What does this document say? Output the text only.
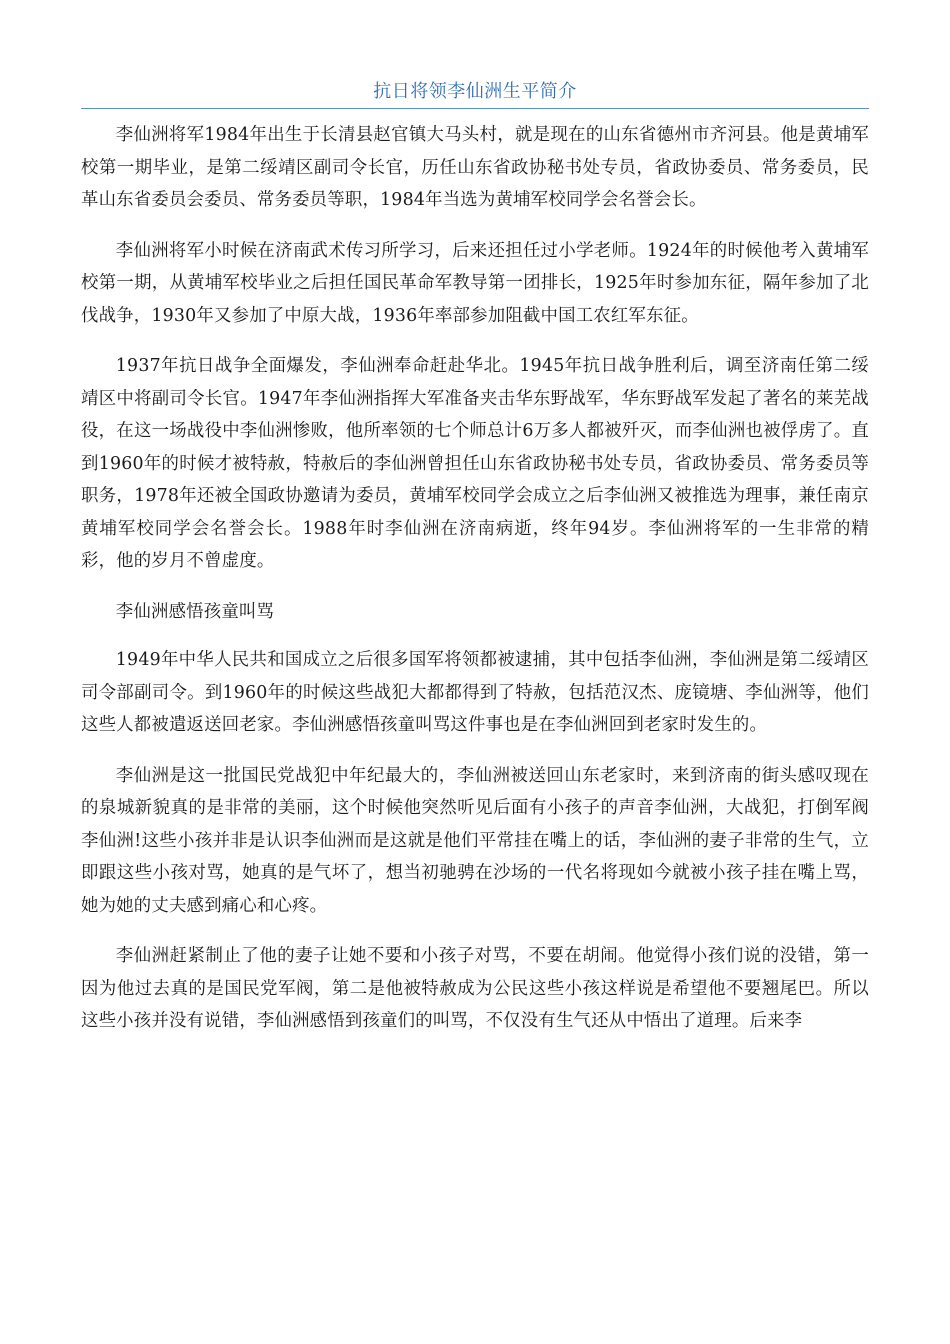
抗日将领李仙洲生平简介

李仙洲将军1984年出生于长清县赵官镇大马头村，就是现在的山东省德州市齐河县。他是黄埔军校第一期毕业，是第二绥靖区副司令长官，历任山东省政协秘书处专员，省政协委员、常务委员，民革山东省委员会委员、常务委员等职，1984年当选为黄埔军校同学会名誉会长。

李仙洲将军小时候在济南武术传习所学习，后来还担任过小学老师。1924年的时候他考入黄埔军校第一期，从黄埔军校毕业之后担任国民革命军教导第一团排长，1925年时参加东征，隔年参加了北伐战争，1930年又参加了中原大战，1936年率部参加阻截中国工农红军东征。

1937年抗日战争全面爆发，李仙洲奉命赶赴华北。1945年抗日战争胜利后，调至济南任第二绥靖区中将副司令长官。1947年李仙洲指挥大军准备夹击华东野战军，华东野战军发起了著名的莱芜战役，在这一场战役中李仙洲惨败，他所率领的七个师总计6万多人都被歼灭，而李仙洲也被俘虏了。直到1960年的时候才被特赦，特赦后的李仙洲曾担任山东省政协秘书处专员，省政协委员、常务委员等职务，1978年还被全国政协邀请为委员，黄埔军校同学会成立之后李仙洲又被推选为理事，兼任南京黄埔军校同学会名誉会长。1988年时李仙洲在济南病逝，终年94岁。李仙洲将军的一生非常的精彩，他的岁月不曾虚度。

李仙洲感悟孩童叫骂

1949年中华人民共和国成立之后很多国军将领都被逮捕，其中包括李仙洲，李仙洲是第二绥靖区司令部副司令。到1960年的时候这些战犯大都都得到了特赦，包括范汉杰、庞镜塘、李仙洲等，他们这些人都被遣返送回老家。李仙洲感悟孩童叫骂这件事也是在李仙洲回到老家时发生的。

李仙洲是这一批国民党战犯中年纪最大的，李仙洲被送回山东老家时，来到济南的街头感叹现在的泉城新貌真的是非常的美丽，这个时候他突然听见后面有小孩子的声音李仙洲，大战犯，打倒军阀李仙洲!这些小孩并非是认识李仙洲而是这就是他们平常挂在嘴上的话，李仙洲的妻子非常的生气，立即跟这些小孩对骂，她真的是气坏了，想当初驰骋在沙场的一代名将现如今就被小孩子挂在嘴上骂，她为她的丈夫感到痛心和心疼。

李仙洲赶紧制止了他的妻子让她不要和小孩子对骂，不要在胡闹。他觉得小孩们说的没错，第一因为他过去真的是国民党军阀，第二是他被特赦成为公民这些小孩这样说是希望他不要翘尾巴。所以这些小孩并没有说错，李仙洲感悟到孩童们的叫骂，不仅没有生气还从中悟出了道理。后来李
